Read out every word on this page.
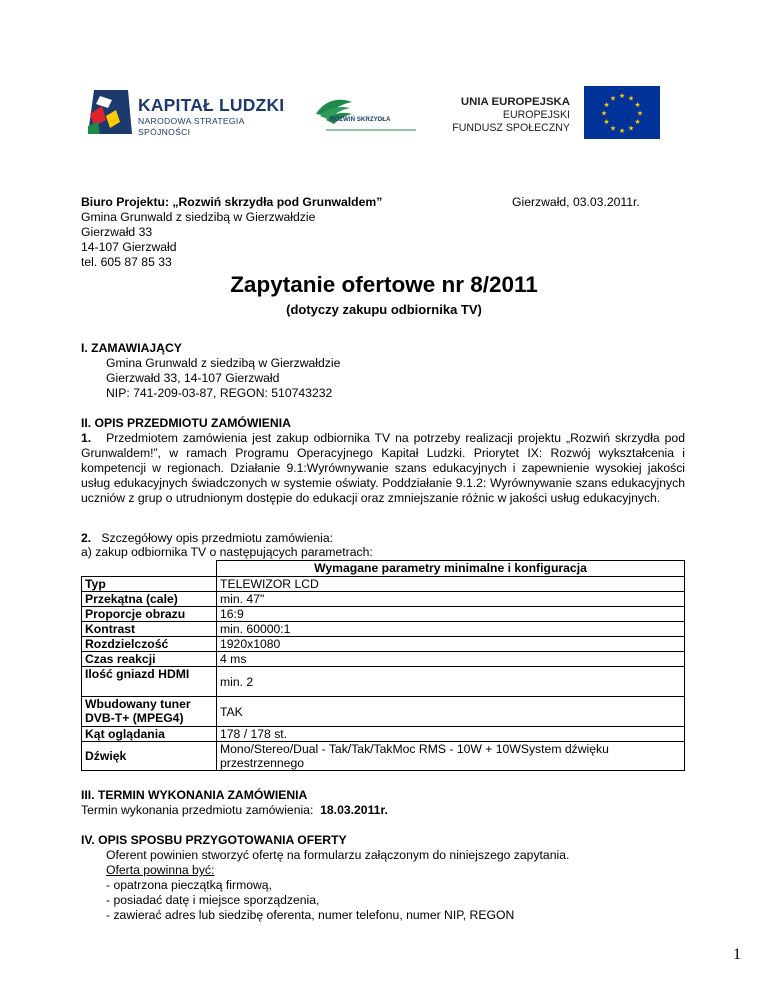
KAPITAŁ LUDZKI
NARODOWA STRATEGIA SPÓJNOŚCI
ROZWIŃ SKRZYDŁA
UNIA EUROPEJSKA
EUROPEJSKI
FUNDUSZ SPOŁECZNY
★ ★
★
★
★
★
★
★
★
★
★
★
Biuro Projektu: „Rozwiń skrzydła pod Grunwaldem”
Gmina Grunwald z siedzibą w Gierzwałdzie
Gierzwałd 33
14-107 Gierzwałd
tel. 605 87 85 33
Gierzwałd, 03.03.2011r.
Zapytanie ofertowe nr 8/2011
(dotyczy zakupu odbiornika TV)
I. ZAMAWIAJĄCY
Gmina Grunwald z siedzibą w Gierzwałdzie
Gierzwałd 33, 14-107 Gierzwałd
NIP: 741-209-03-87, REGON: 510743232
II. OPIS PRZEDMIOTU ZAMÓWIENIA
1. Przedmiotem zamówienia jest zakup odbiornika TV na potrzeby realizacji projektu „Rozwiń skrzydła pod Grunwaldem!”, w ramach Programu Operacyjnego Kapitał Ludzki. Priorytet IX: Rozwój wykształcenia i kompetencji w regionach. Działanie 9.1:Wyrównywanie szans edukacyjnych i zapewnienie wysokiej jakości usług edukacyjnych świadczonych w systemie oświaty. Poddziałanie 9.1.2: Wyrównywanie szans edukacyjnych uczniów z grup o utrudnionym dostępie do edukacji oraz zmniejszanie różnic w jakości usług edukacyjnych.
2. Szczegółowy opis przedmiotu zamówienia:
a) zakup odbiornika TV o następujących parametrach:
	Wymagane parametry minimalne i konfiguracja
Typ	TELEWIZOR LCD
Przekątna (cale)	min. 47"
Proporcje obrazu	16:9
Kontrast	min. 60000:1
Rozdzielczość	1920x1080
Czas reakcji	4 ms
Ilość gniazd HDMI	min. 2
Wbudowany tuner DVB-T+ (MPEG4)	TAK
Kąt oglądania	178 / 178 st.
Dźwięk	Mono/Stereo/Dual - Tak/Tak/TakMoc RMS - 10W + 10WSystem dźwięku przestrzennego
III. TERMIN WYKONANIA ZAMÓWIENIA
Termin wykonania przedmiotu zamówienia: 18.03.2011r.
IV. OPIS SPOSBU PRZYGOTOWANIA OFERTY
Oferent powinien stworzyć ofertę na formularzu załączonym do niniejszego zapytania.
Oferta powinna być:
- opatrzona pieczątką firmową,
- posiadać datę i miejsce sporządzenia,
- zawierać adres lub siedzibę oferenta, numer telefonu, numer NIP, REGON
1
